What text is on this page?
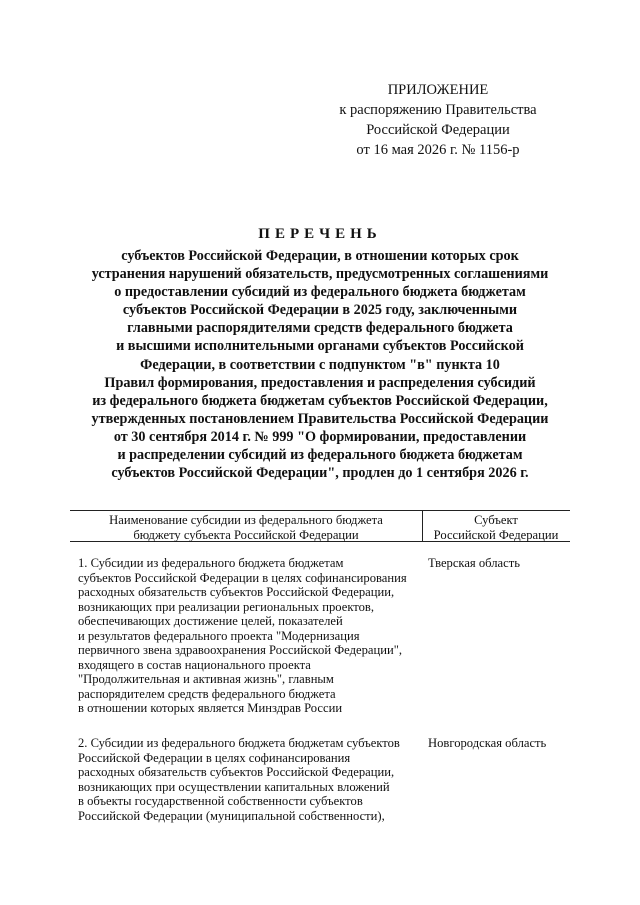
ПРИЛОЖЕНИЕ
к распоряжению Правительства
Российской Федерации
от 16 мая 2026 г. № 1156-р
ПЕРЕЧЕНЬ
субъектов Российской Федерации, в отношении которых срок
устранения нарушений обязательств, предусмотренных соглашениями
о предоставлении субсидий из федерального бюджета бюджетам
субъектов Российской Федерации в 2025 году, заключенными
главными распорядителями средств федерального бюджета
и высшими исполнительными органами субъектов Российской
Федерации, в соответствии с подпунктом "в" пункта 10
Правил формирования, предоставления и распределения субсидий
из федерального бюджета бюджетам субъектов Российской Федерации,
утвержденных постановлением Правительства Российской Федерации
от 30 сентября 2014 г. № 999 "О формировании, предоставлении
и распределении субсидий из федерального бюджета бюджетам
субъектов Российской Федерации", продлен до 1 сентября 2026 г.
Наименование субсидии из федерального бюджета
бюджету субъекта Российской Федерации
Субъект
Российской Федерации
1. Субсидии из федерального бюджета бюджетам
субъектов Российской Федерации в целях софинансирования
расходных обязательств субъектов Российской Федерации,
возникающих при реализации региональных проектов,
обеспечивающих достижение целей, показателей
и результатов федерального проекта "Модернизация
первичного звена здравоохранения Российской Федерации",
входящего в состав национального проекта
"Продолжительная и активная жизнь", главным
распорядителем средств федерального бюджета
в отношении которых является Минздрав России
Тверская область
2. Субсидии из федерального бюджета бюджетам субъектов
Российской Федерации в целях софинансирования
расходных обязательств субъектов Российской Федерации,
возникающих при осуществлении капитальных вложений
в объекты государственной собственности субъектов
Российской Федерации (муниципальной собственности),
Новгородская область
